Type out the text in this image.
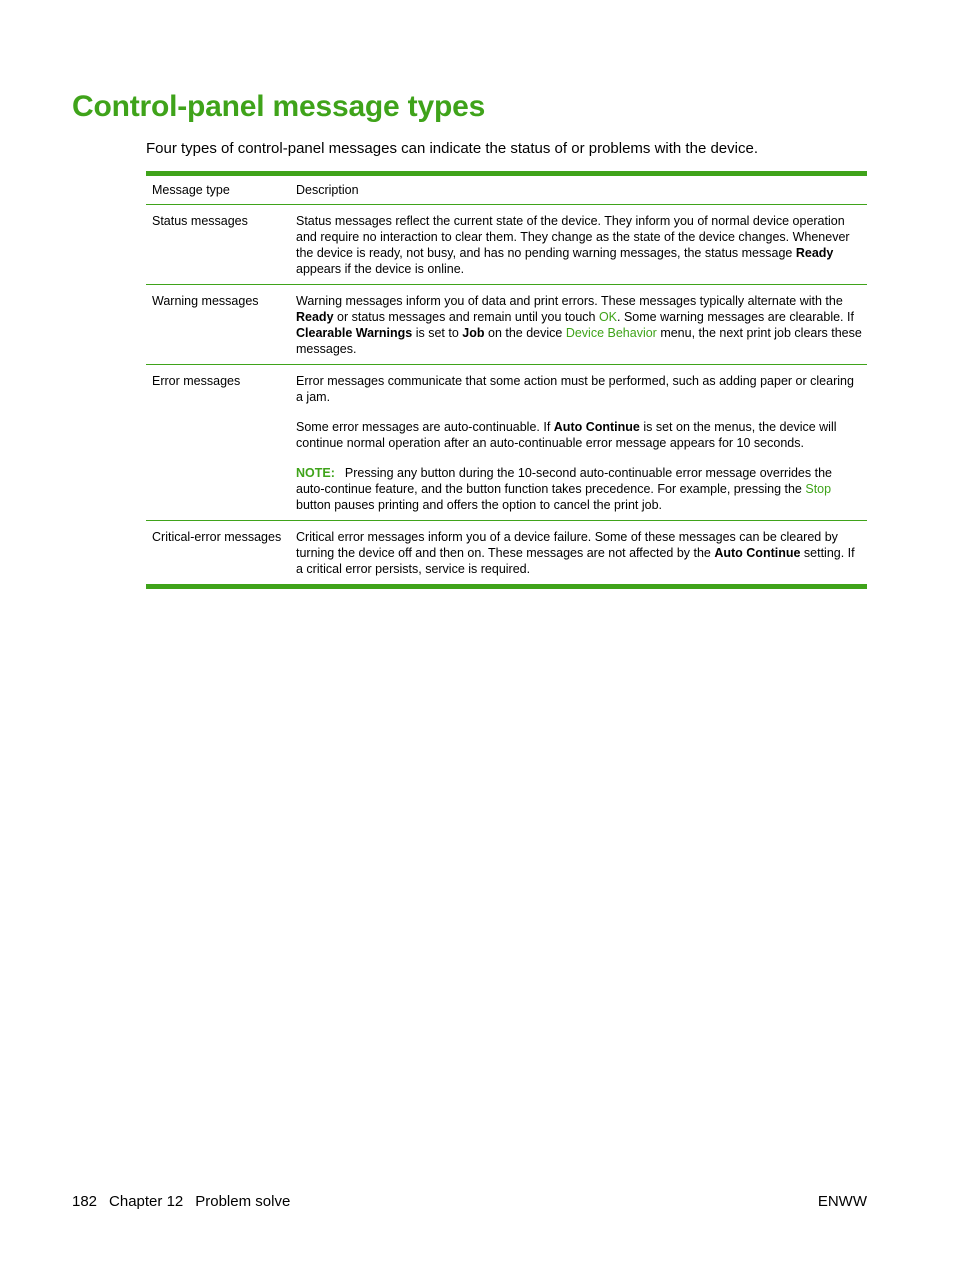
Control-panel message types

Four types of control-panel messages can indicate the status of or problems with the device.

Message type	Description
Status messages	Status messages reflect the current state of the device. They inform you of normal device operation and require no interaction to clear them. They change as the state of the device changes. Whenever the device is ready, not busy, and has no pending warning messages, the status message Ready appears if the device is online.

Warning messages	Warning messages inform you of data and print errors. These messages typically alternate with the Ready or status messages and remain until you touch OK. Some warning messages are clearable. If Clearable Warnings is set to Job on the device Device Behavior menu, the next print job clears these messages.

Error messages	Error messages communicate that some action must be performed, such as adding paper or clearing a jam.

Some error messages are auto-continuable. If Auto Continue is set on the menus, the device will continue normal operation after an auto-continuable error message appears for 10 seconds.

NOTE: Pressing any button during the 10-second auto-continuable error message overrides the auto-continue feature, and the button function takes precedence. For example, pressing the Stop button pauses printing and offers the option to cancel the print job.

Critical-error messages	Critical error messages inform you of a device failure. Some of these messages can be cleared by turning the device off and then on. These messages are not affected by the Auto Continue setting. If a critical error persists, service is required.

182 Chapter 12 Problem solve	ENWW
